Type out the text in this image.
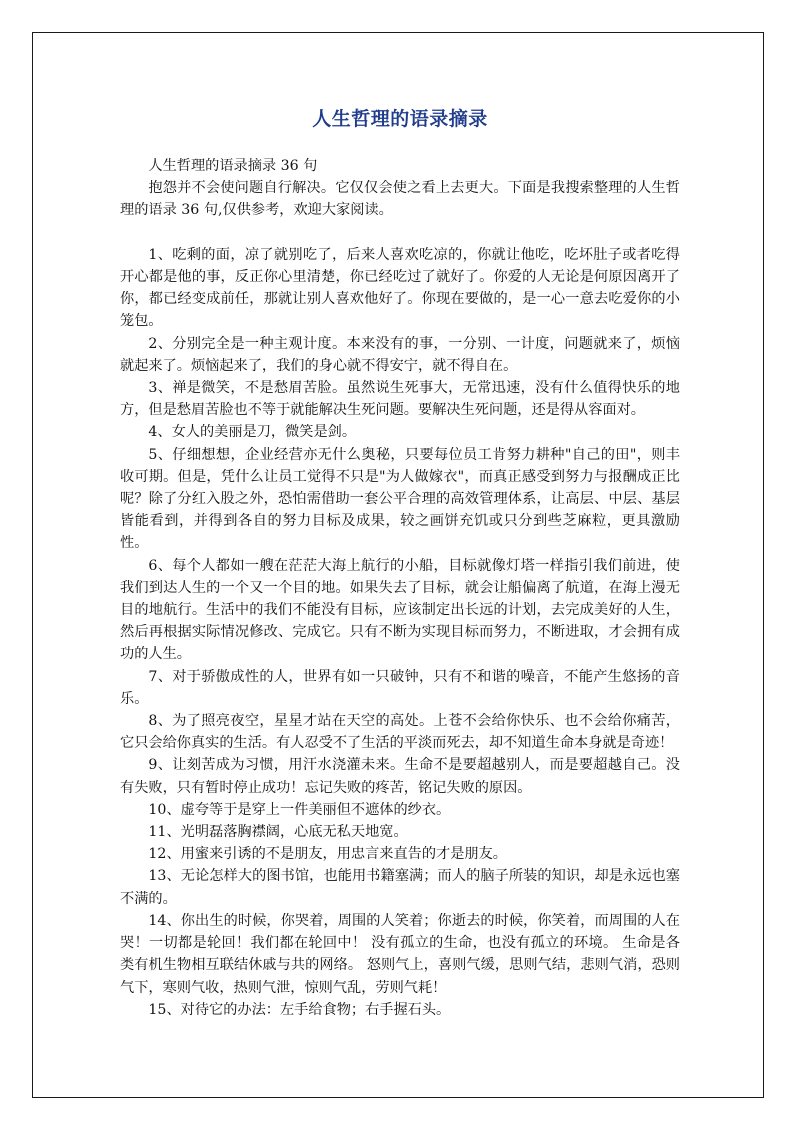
人生哲理的语录摘录

人生哲理的语录摘录 36 句

抱怨并不会使问题自行解决。它仅仅会使之看上去更大。下面是我搜索整理的人生哲理的语录 36 句,仅供参考，欢迎大家阅读。

1、吃剩的面，凉了就别吃了，后来人喜欢吃凉的，你就让他吃，吃坏肚子或者吃得开心都是他的事，反正你心里清楚，你已经吃过了就好了。你爱的人无论是何原因离开了你，都已经变成前任，那就让别人喜欢他好了。你现在要做的，是一心一意去吃爱你的小笼包。

2、分别完全是一种主观计度。本来没有的事，一分别、一计度，问题就来了，烦恼就起来了。烦恼起来了，我们的身心就不得安宁，就不得自在。

3、禅是微笑，不是愁眉苦脸。虽然说生死事大，无常迅速，没有什么值得快乐的地方，但是愁眉苦脸也不等于就能解决生死问题。要解决生死问题，还是得从容面对。

4、女人的美丽是刀，微笑是剑。

5、仔细想想，企业经营亦无什么奥秘，只要每位员工肯努力耕种"自己的田"，则丰收可期。但是，凭什么让员工觉得不只是"为人做嫁衣"，而真正感受到努力与报酬成正比呢？除了分红入股之外，恐怕需借助一套公平合理的高效管理体系，让高层、中层、基层皆能看到，并得到各自的努力目标及成果，较之画饼充饥或只分到些芝麻粒，更具激励性。

6、每个人都如一艘在茫茫大海上航行的小船，目标就像灯塔一样指引我们前进，使我们到达人生的一个又一个目的地。如果失去了目标，就会让船偏离了航道，在海上漫无目的地航行。生活中的我们不能没有目标，应该制定出长远的计划，去完成美好的人生，然后再根据实际情况修改、完成它。只有不断为实现目标而努力，不断进取，才会拥有成功的人生。

7、对于骄傲成性的人，世界有如一只破钟，只有不和谐的噪音，不能产生悠扬的音乐。

8、为了照亮夜空，星星才站在天空的高处。上苍不会给你快乐、也不会给你痛苦，它只会给你真实的生活。有人忍受不了生活的平淡而死去，却不知道生命本身就是奇迹！

9、让刻苦成为习惯，用汗水浇灌未来。生命不是要超越别人，而是要超越自己。没有失败，只有暂时停止成功！忘记失败的疼苦，铭记失败的原因。

10、虚夸等于是穿上一件美丽但不遮体的纱衣。

11、光明磊落胸襟阔，心底无私天地宽。

12、用蜜来引诱的不是朋友，用忠言来直告的才是朋友。

13、无论怎样大的图书馆，也能用书籍塞满；而人的脑子所装的知识，却是永远也塞不满的。

14、你出生的时候，你哭着，周围的人笑着；你逝去的时候，你笑着，而周围的人在哭！一切都是轮回！我们都在轮回中！ 没有孤立的生命，也没有孤立的环境。 生命是各类有机生物相互联结休戚与共的网络。 怒则气上，喜则气缓，思则气结，悲则气消，恐则气下，寒则气收，热则气泄，惊则气乱，劳则气耗！

15、对待它的办法：左手给食物；右手握石头。
